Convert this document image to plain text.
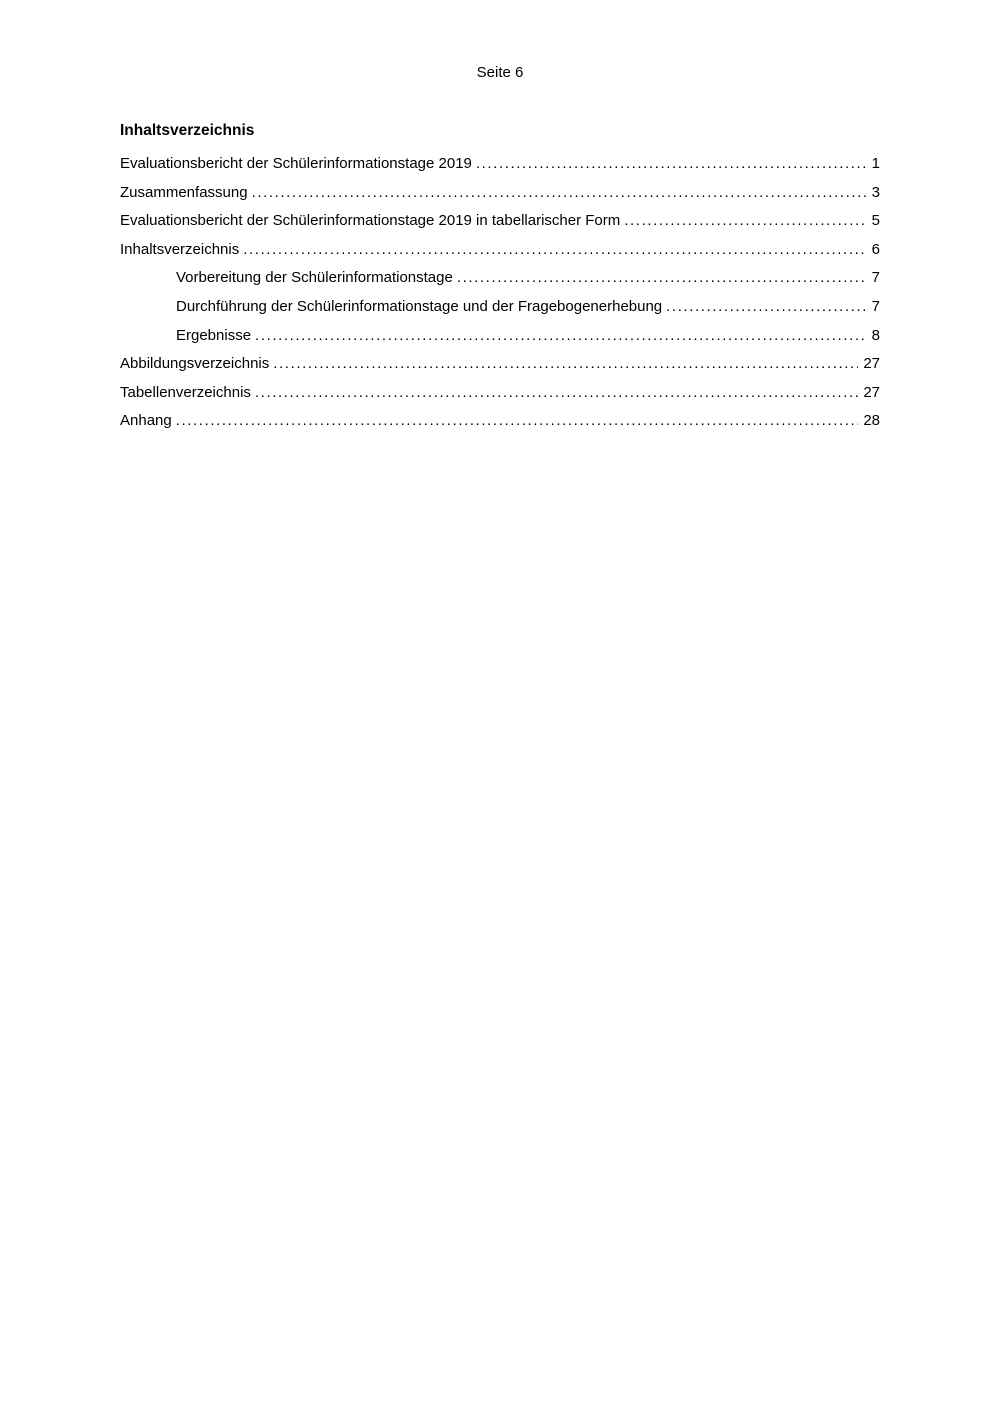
Seite 6
Inhaltsverzeichnis
Evaluationsbericht der Schülerinformationstage 2019 .....	1
Zusammenfassung .....	3
Evaluationsbericht der Schülerinformationstage 2019 in tabellarischer Form .....	5
Inhaltsverzeichnis .....	6
Vorbereitung der Schülerinformationstage .....	7
Durchführung der Schülerinformationstage und der Fragebogenerhebung .....	7
Ergebnisse .....	8
Abbildungsverzeichnis .....	27
Tabellenverzeichnis .....	27
Anhang .....	28
